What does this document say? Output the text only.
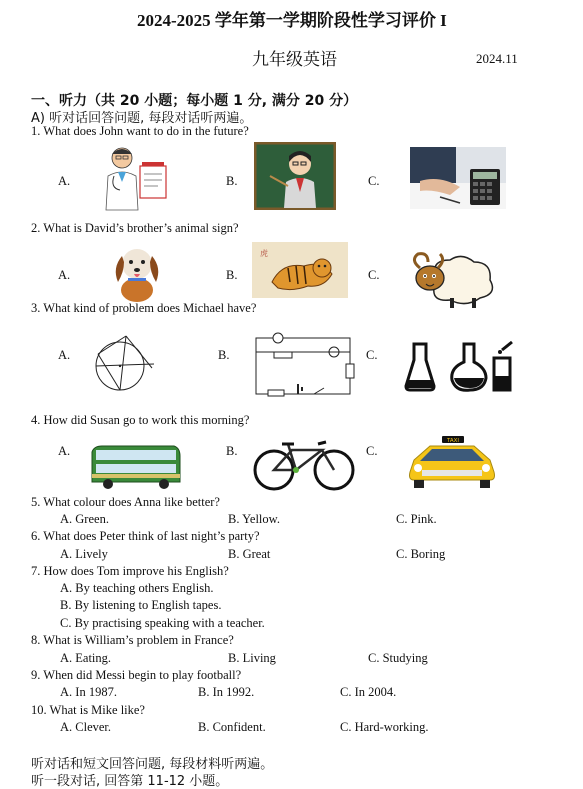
2024-2025 学年第一学期阶段性学习评价 I
九年级英语	2024.11
一、听力（共 20 小题；每小题 1 分, 满分 20 分）
A) 听对话回答问题, 每段对话听两遍。
1. What does John want to do in the future?
A.	B.	C.
2. What is David’s brother’s animal sign?
A.	B.	C.
虎
3. What kind of problem does Michael have?
A.	B.	C.
4. How did Susan go to work this morning?
A.	B.	C.
TAXI
5. What colour does Anna like better?
A. Green.	B. Yellow.	C. Pink.
6. What does Peter think of last night’s party?
A. Lively	B. Great	C. Boring
7. How does Tom improve his English?
A. By teaching others English.
B. By listening to English tapes.
C. By practising speaking with a teacher.
8. What is William’s problem in France?
A. Eating.	B. Living	C. Studying
9. When did Messi begin to play football?
A. In 1987.	B. In 1992.	C. In 2004.
10. What is Mike like?
A. Clever.	B. Confident.	C. Hard-working.
听对话和短文回答问题, 每段材料听两遍。
听一段对话, 回答第 11-12 小题。
